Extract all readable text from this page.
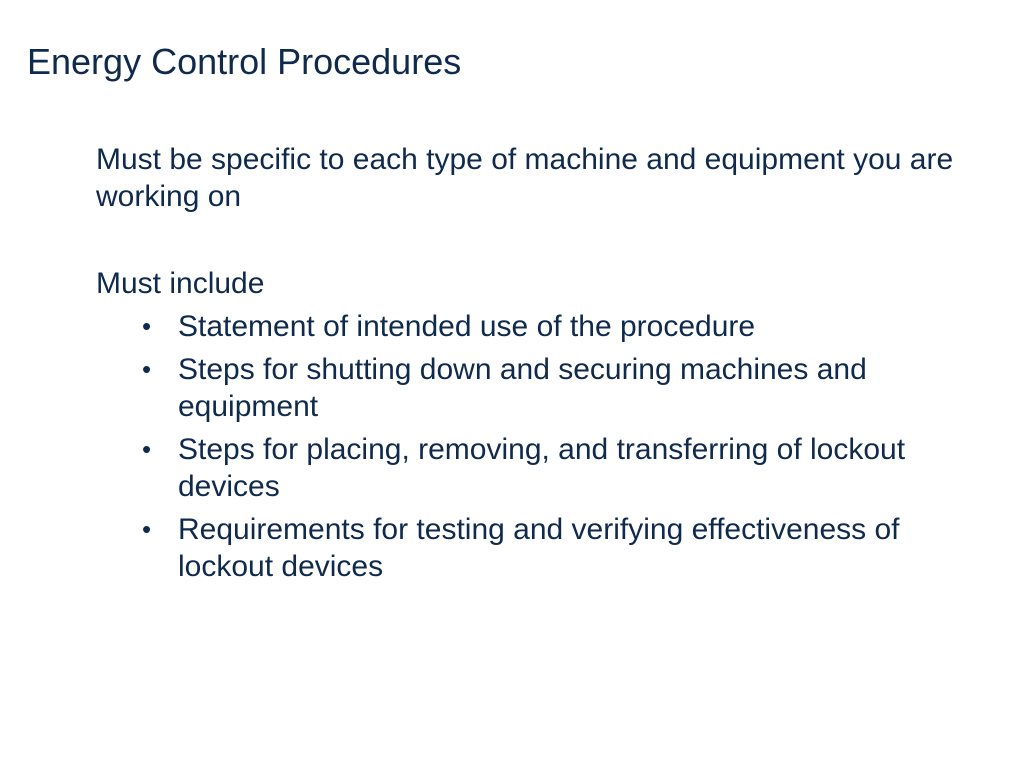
Energy Control Procedures

Must be specific to each type of machine and equipment you are working on

Must include

• Statement of intended use of the procedure
• Steps for shutting down and securing machines and equipment
• Steps for placing, removing, and transferring of lockout devices
• Requirements for testing and verifying effectiveness of lockout devices
